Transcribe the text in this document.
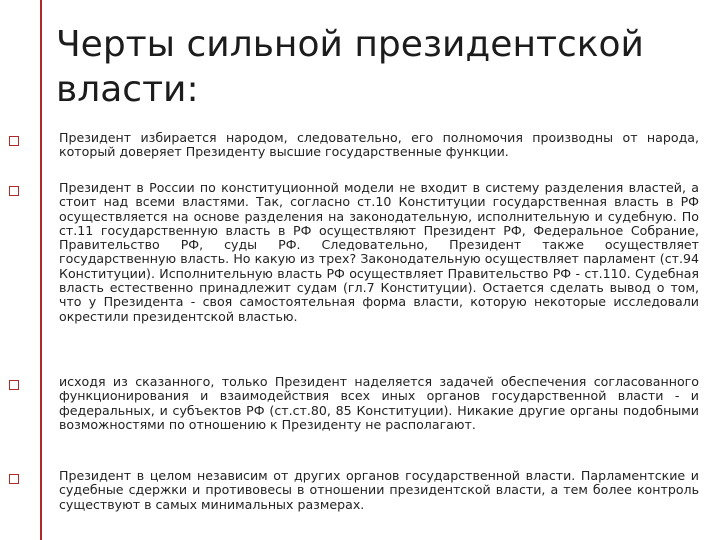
Черты сильной президентской власти:

Президент избирается народом, следовательно, его полномочия производны от народа, который доверяет Президенту высшие государственные функции.

Президент в России по конституционной модели не входит в систему разделения властей, а стоит над всеми властями. Так, согласно ст.10 Конституции государственная власть в РФ осуществляется на основе разделения на законодательную, исполнительную и судебную. По ст.11 государственную власть в РФ осуществляют Президент РФ, Федеральное Собрание, Правительство РФ, суды РФ. Следовательно, Президент также осуществляет государственную власть. Но какую из трех? Законодательную осуществляет парламент (ст.94 Конституции). Исполнительную власть РФ осуществляет Правительство РФ - ст.110. Судебная власть естественно принадлежит судам (гл.7 Конституции). Остается сделать вывод о том, что у Президента - своя самостоятельная форма власти, которую некоторые исследовали окрестили президентской властью.

исходя из сказанного, только Президент наделяется задачей обеспечения согласованного функционирования и взаимодействия всех иных органов государственной власти - и федеральных, и субъектов РФ (ст.ст.80, 85 Конституции). Никакие другие органы подобными возможностями по отношению к Президенту не располагают.

Президент в целом независим от других органов государственной власти. Парламентские и судебные сдержки и противовесы в отношении президентской власти, а тем более контроль существуют в самых минимальных размерах.
